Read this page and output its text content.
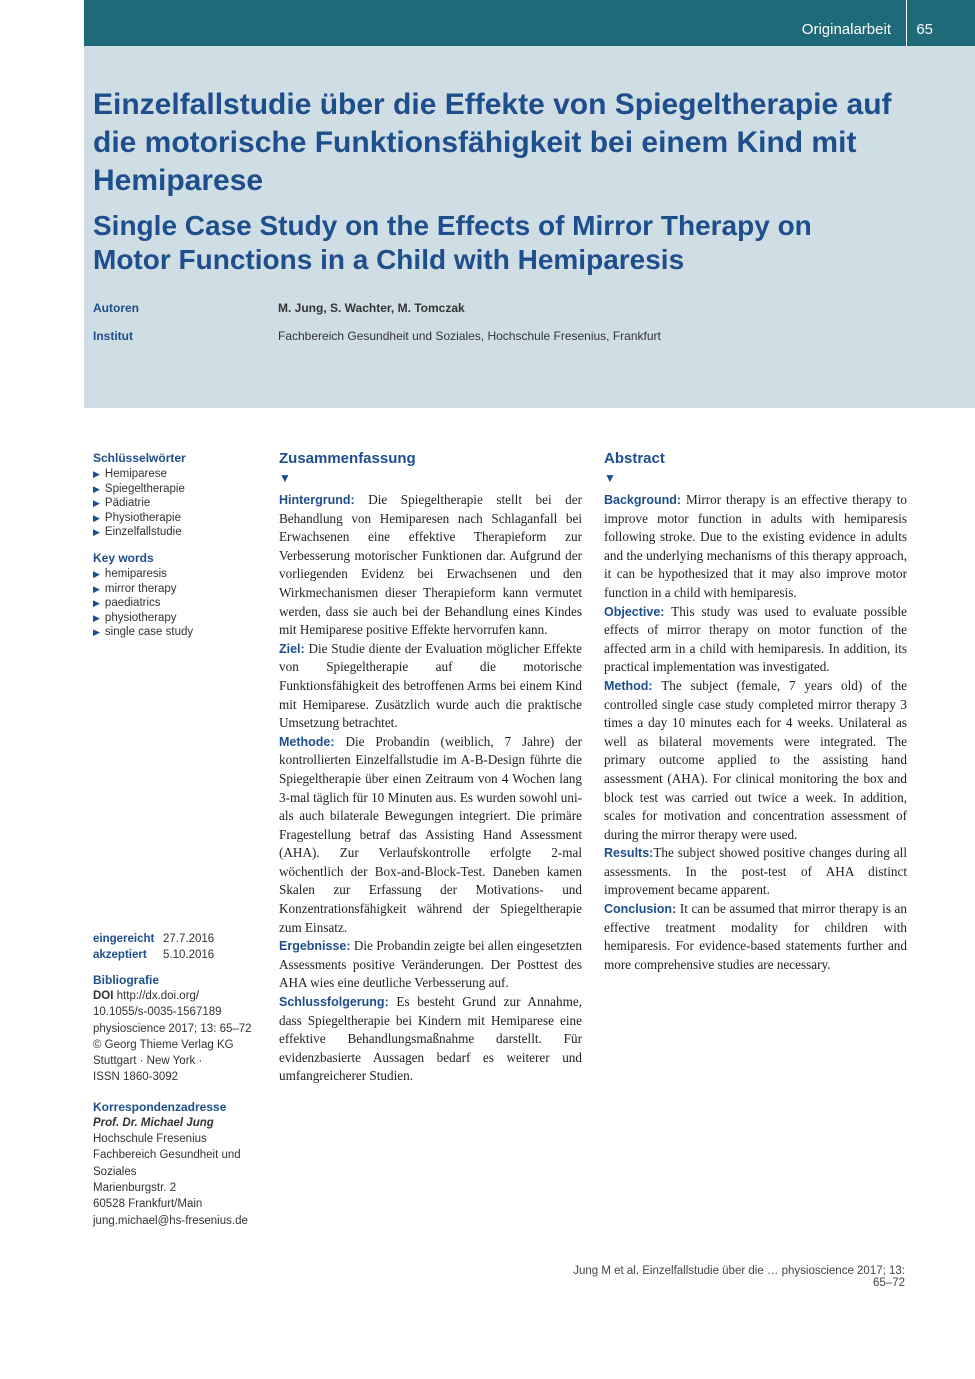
Originalarbeit 65
Einzelfallstudie über die Effekte von Spiegeltherapie auf die motorische Funktionsfähigkeit bei einem Kind mit Hemiparese
Single Case Study on the Effects of Mirror Therapy on Motor Functions in a Child with Hemiparesis
Autoren	M. Jung, S. Wachter, M. Tomczak
Institut	Fachbereich Gesundheit und Soziales, Hochschule Fresenius, Frankfurt
Schlüsselwörter
▶ Hemiparese
▶ Spiegeltherapie
▶ Pädiatrie
▶ Physiotherapie
▶ Einzelfallstudie
Key words
▶ hemiparesis
▶ mirror therapy
▶ paediatrics
▶ physiotherapy
▶ single case study
eingereicht 27.7.2016
akzeptiert 5.10.2016
Bibliografie
DOI http://dx.doi.org/
10.1055/s-0035-1567189
physioscience 2017; 13: 65–72
© Georg Thieme Verlag KG
Stuttgart · New York ·
ISSN 1860-3092
Korrespondenzadresse
Prof. Dr. Michael Jung
Hochschule Fresenius
Fachbereich Gesundheit und
Soziales
Marienburgstr. 2
60528 Frankfurt/Main
jung.michael@hs-fresenius.de
Zusammenfassung
▼

Hintergrund: Die Spiegeltherapie stellt bei der Behandlung von Hemiparesen nach Schlaganfall bei Erwachsenen eine effektive Therapieform zur Verbesserung motorischer Funktionen dar. Aufgrund der vorliegenden Evidenz bei Erwachsenen und den Wirkmechanismen dieser Therapieform kann vermutet werden, dass sie auch bei der Behandlung eines Kindes mit Hemiparese positive Effekte hervorrufen kann.

Ziel: Die Studie diente der Evaluation möglicher Effekte von Spiegeltherapie auf die motorische Funktionsfähigkeit des betroffenen Arms bei einem Kind mit Hemiparese. Zusätzlich wurde auch die praktische Umsetzung betrachtet.

Methode: Die Probandin (weiblich, 7 Jahre) der kontrollierten Einzelfallstudie im A-B-Design führte die Spiegeltherapie über einen Zeitraum von 4 Wochen lang 3-mal täglich für 10 Minuten aus. Es wurden sowohl uni- als auch bilaterale Bewegungen integriert. Die primäre Fragestellung betraf das Assisting Hand Assessment (AHA). Zur Verlaufskontrolle erfolgte 2-mal wöchentlich der Box-and-Block-Test. Daneben kamen Skalen zur Erfassung der Motivations- und Konzentrationsfähigkeit während der Spiegeltherapie zum Einsatz.

Ergebnisse: Die Probandin zeigte bei allen eingesetzten Assessments positive Veränderungen. Der Posttest des AHA wies eine deutliche Verbesserung auf.

Schlussfolgerung: Es besteht Grund zur Annahme, dass Spiegeltherapie bei Kindern mit Hemiparese eine effektive Behandlungsmaßnahme darstellt. Für evidenzbasierte Aussagen bedarf es weiterer und umfangreicherer Studien.

Abstract
▼

Background: Mirror therapy is an effective therapy to improve motor function in adults with hemiparesis following stroke. Due to the existing evidence in adults and the underlying mechanisms of this therapy approach, it can be hypothesized that it may also improve motor function in a child with hemiparesis.

Objective: This study was used to evaluate possible effects of mirror therapy on motor function of the affected arm in a child with hemiparesis. In addition, its practical implementation was investigated.

Method: The subject (female, 7 years old) of the controlled single case study completed mirror therapy 3 times a day 10 minutes each for 4 weeks. Unilateral as well as bilateral movements were integrated. The primary outcome applied to the assisting hand assessment (AHA). For clinical monitoring the box and block test was carried out twice a week. In addition, scales for motivation and concentration assessment of during the mirror therapy were used.

Results:The subject showed positive changes during all assessments. In the post-test of AHA distinct improvement became apparent.

Conclusion: It can be assumed that mirror therapy is an effective treatment modality for children with hemiparesis. For evidence-based statements further and more comprehensive studies are necessary.

Jung M et al. Einzelfallstudie über die … physioscience 2017; 13: 65–72
